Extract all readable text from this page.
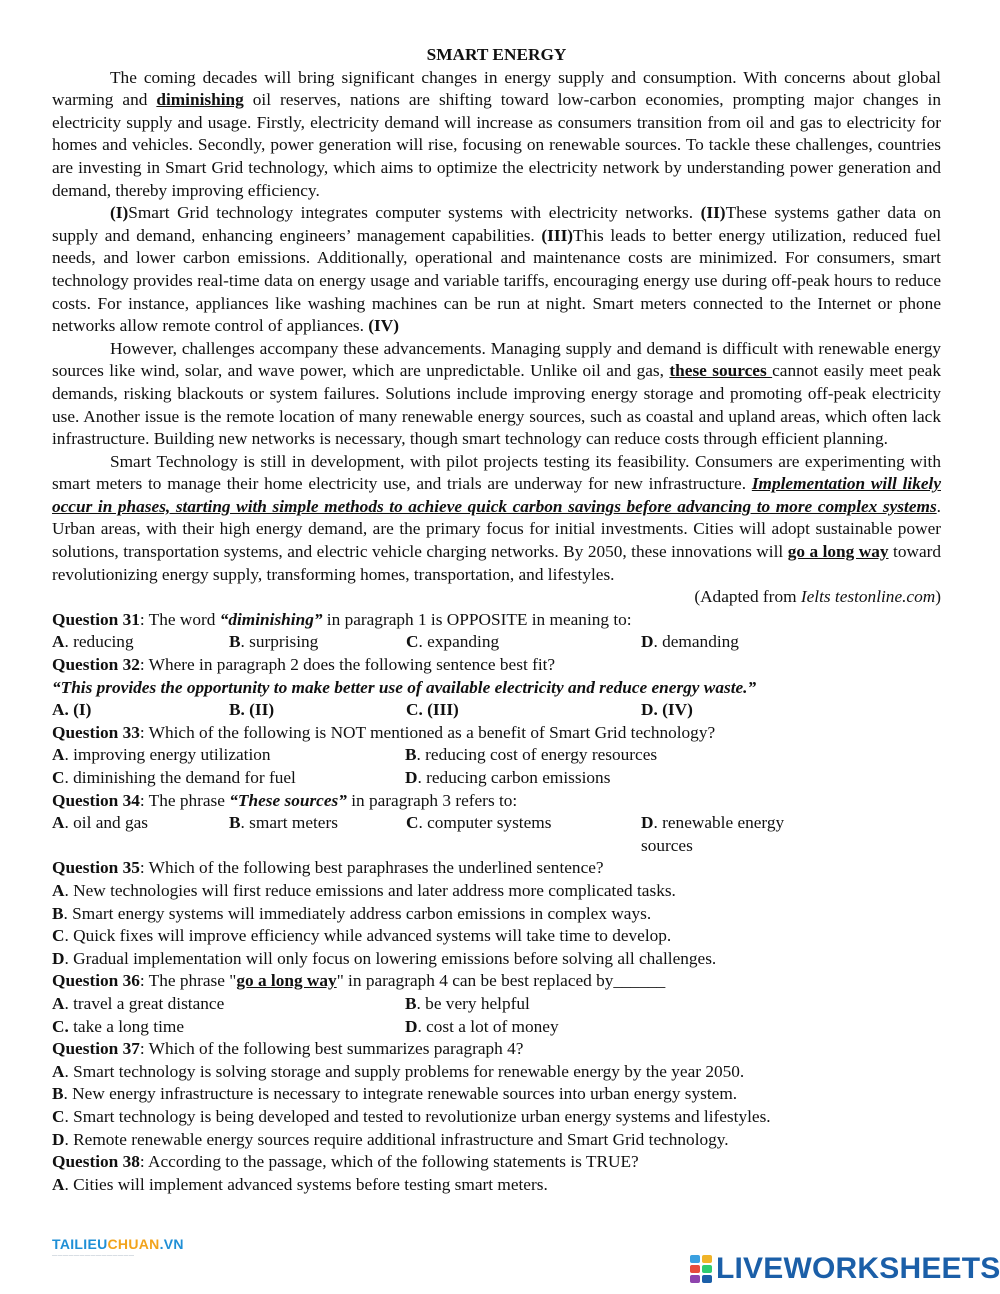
SMART ENERGY

The coming decades will bring significant changes in energy supply and consumption. With concerns about global warming and diminishing oil reserves, nations are shifting toward low-carbon economies, prompting major changes in electricity supply and usage. Firstly, electricity demand will increase as consumers transition from oil and gas to electricity for homes and vehicles. Secondly, power generation will rise, focusing on renewable sources. To tackle these challenges, countries are investing in Smart Grid technology, which aims to optimize the electricity network by understanding power generation and demand, thereby improving efficiency.

(I)Smart Grid technology integrates computer systems with electricity networks. (II)These systems gather data on supply and demand, enhancing engineers’ management capabilities. (III)This leads to better energy utilization, reduced fuel needs, and lower carbon emissions. Additionally, operational and maintenance costs are minimized. For consumers, smart technology provides real-time data on energy usage and variable tariffs, encouraging energy use during off-peak hours to reduce costs. For instance, appliances like washing machines can be run at night. Smart meters connected to the Internet or phone networks allow remote control of appliances. (IV)

However, challenges accompany these advancements. Managing supply and demand is difficult with renewable energy sources like wind, solar, and wave power, which are unpredictable. Unlike oil and gas, these sources cannot easily meet peak demands, risking blackouts or system failures. Solutions include improving energy storage and promoting off-peak electricity use. Another issue is the remote location of many renewable energy sources, such as coastal and upland areas, which often lack infrastructure. Building new networks is necessary, though smart technology can reduce costs through efficient planning.

Smart Technology is still in development, with pilot projects testing its feasibility. Consumers are experimenting with smart meters to manage their home electricity use, and trials are underway for new infrastructure. Implementation will likely occur in phases, starting with simple methods to achieve quick carbon savings before advancing to more complex systems. Urban areas, with their high energy demand, are the primary focus for initial investments. Cities will adopt sustainable power solutions, transportation systems, and electric vehicle charging networks. By 2050, these innovations will go a long way toward revolutionizing energy supply, transforming homes, transportation, and lifestyles.

(Adapted from Ielts testonline.com)
Question 31: The word “diminishing” in paragraph 1 is OPPOSITE in meaning to:
A. reducing	B. surprising	C. expanding	D. demanding
Question 32: Where in paragraph 2 does the following sentence best fit?
“This provides the opportunity to make better use of available electricity and reduce energy waste.”
A. (I)	B. (II)	C. (III)	D. (IV)
Question 33: Which of the following is NOT mentioned as a benefit of Smart Grid technology?
A. improving energy utilization	B. reducing cost of energy resources
C. diminishing the demand for fuel	D. reducing carbon emissions
Question 34: The phrase “These sources” in paragraph 3 refers to:
A. oil and gas	B. smart meters	C. computer systems	D. renewable energy sources
Question 35: Which of the following best paraphrases the underlined sentence?
A. New technologies will first reduce emissions and later address more complicated tasks.
B. Smart energy systems will immediately address carbon emissions in complex ways.
C. Quick fixes will improve efficiency while advanced systems will take time to develop.
D. Gradual implementation will only focus on lowering emissions before solving all challenges.
Question 36: The phrase "go a long way" in paragraph 4 can be best replaced by______
A. travel a great distance	B. be very helpful
C. take a long time	D. cost a lot of money
Question 37: Which of the following best summarizes paragraph 4?
A. Smart technology is solving storage and supply problems for renewable energy by the year 2050.
B. New energy infrastructure is necessary to integrate renewable sources into urban energy system.
C. Smart technology is being developed and tested to revolutionize urban energy systems and lifestyles.
D. Remote renewable energy sources require additional infrastructure and Smart Grid technology.
Question 38: According to the passage, which of the following statements is TRUE?
A. Cities will implement advanced systems before testing smart meters.
TAILIEUCHUAN.VN
———————————————	LIVEWORKSHEETS
